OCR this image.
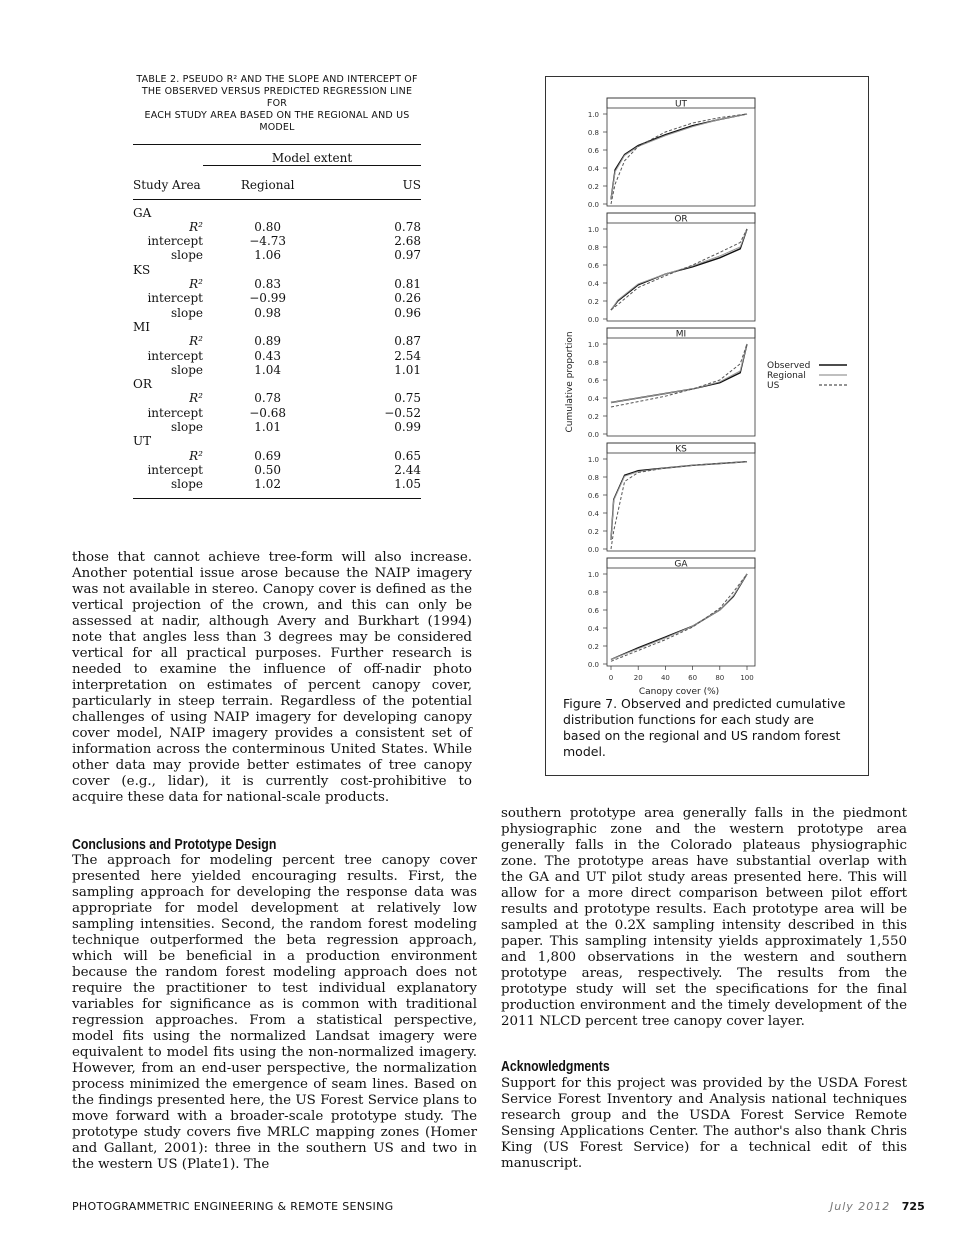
TABLE 2. PSEUDO R² AND THE SLOPE AND INTERCEPT OF
THE OBSERVED VERSUS PREDICTED REGRESSION LINE FOR
EACH STUDY AREA BASED ON THE REGIONAL AND US
MODEL
	Model extent	
Study Area	Regional	US
GA		
R²	0.80	0.78
intercept	−4.73	2.68
slope	1.06	0.97
KS		
R²	0.83	0.81
intercept	−0.99	0.26
slope	0.98	0.96
MI		
R²	0.89	0.87
intercept	0.43	2.54
slope	1.04	1.01
OR		
R²	0.78	0.75
intercept	−0.68	−0.52
slope	1.01	0.99
UT		
R²	0.69	0.65
intercept	0.50	2.44
slope	1.02	1.05
UT
0.0
0.2
0.4
0.6
0.8
1.0
OR
0.0
0.2
0.4
0.6
0.8
1.0
MI
0.0
0.2
0.4
0.6
0.8
1.0
KS
0.0
0.2
0.4
0.6
0.8
1.0
GA
0.0
0.2
0.4
0.6
0.8
1.0
0	20	40	60	80 100
Canopy cover (%)
Cumulative proportion	Observed
Regional
US
Figure 7. Observed and predicted cumulative distribution functions for each study are based on the regional and US random forest model.
those that cannot achieve tree-form will also increase. Another potential issue arose because the NAIP imagery was not available in stereo. Canopy cover is defined as the vertical projection of the crown, and this can only be assessed at nadir, although Avery and Burkhart (1994) note that angles less than 3 degrees may be considered vertical for all practical purposes. Further research is needed to examine the influence of off-nadir photo interpretation on estimates of percent canopy cover, particularly in steep terrain. Regardless of the potential challenges of using NAIP imagery for developing canopy cover model, NAIP imagery provides a consistent set of information across the conterminous United States. While other data may provide better estimates of tree canopy cover (e.g., lidar), it is currently cost-prohibitive to acquire these data for national-scale products.
Conclusions and Prototype Design
The approach for modeling percent tree canopy cover presented here yielded encouraging results. First, the sampling approach for developing the response data was appropriate for model development at relatively low sampling intensities. Second, the random forest modeling technique outperformed the beta regression approach, which will be beneficial in a production environment because the random forest modeling approach does not require the practitioner to test individual explanatory variables for significance as is common with traditional regression approaches. From a statistical perspective, model fits using the normalized Landsat imagery were equivalent to model fits using the non-normalized imagery. However, from an end-user perspective, the normalization process minimized the emergence of seam lines. Based on the findings presented here, the US Forest Service plans to move forward with a broader-scale prototype study. The prototype study covers five MRLC mapping zones (Homer and Gallant, 2001): three in the southern US and two in the western US (Plate1). The
southern prototype area generally falls in the piedmont physiographic zone and the western prototype area generally falls in the Colorado plateaus physiographic zone. The prototype areas have substantial overlap with the GA and UT pilot study areas presented here. This will allow for a more direct comparison between pilot effort results and prototype results. Each prototype area will be sampled at the 0.2X sampling intensity described in this paper. This sampling intensity yields approximately 1,550 and 1,800 observations in the western and southern prototype areas, respectively. The results from the prototype study will set the specifications for the final production environment and the timely development of the 2011 NLCD percent tree canopy cover layer.
Acknowledgments
Support for this project was provided by the USDA Forest Service Forest Inventory and Analysis national techniques research group and the USDA Forest Service Remote Sensing Applications Center. The author's also thank Chris King (US Forest Service) for a technical edit of this manuscript.
PHOTOGRAMMETRIC ENGINEERING & REMOTE SENSING	July 2012 725
